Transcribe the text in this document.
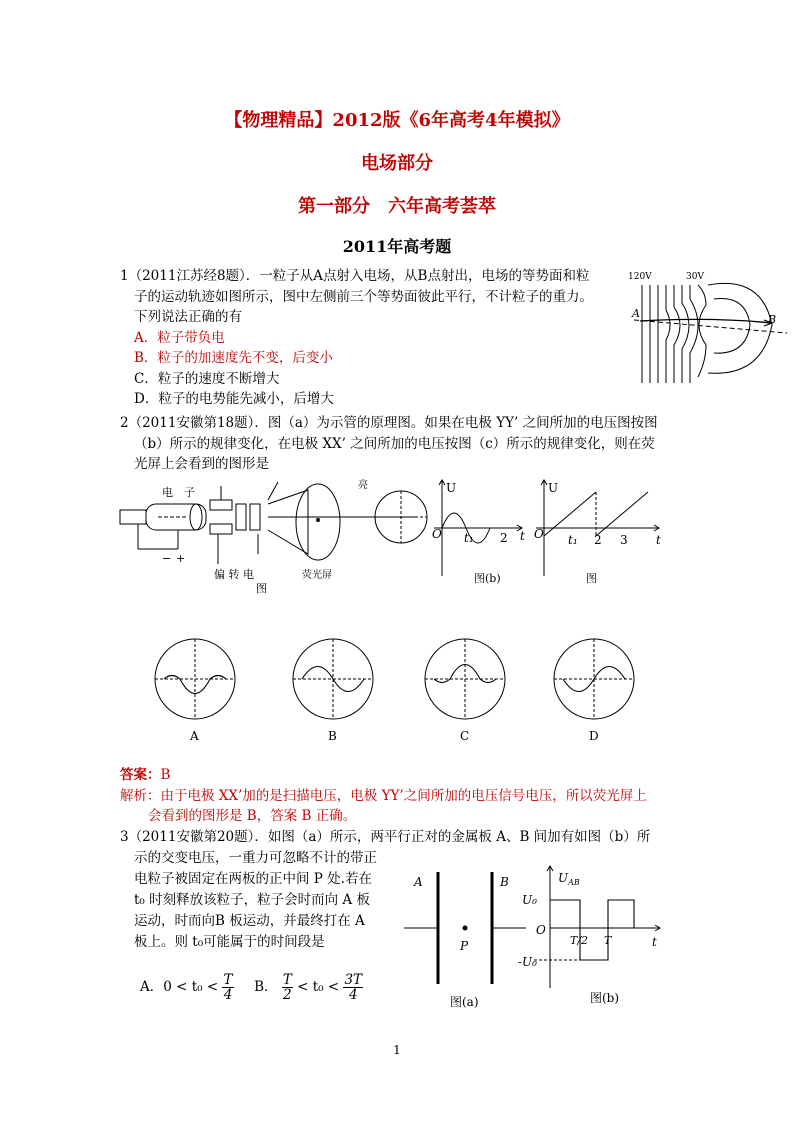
【物理精品】2012版《6年高考4年模拟》
电场部分
第一部分　六年高考荟萃
2011年高考题
1（2011江苏经8题）．一粒子从A点射入电场，从B点射出，电场的等势面和粒
子的运动轨迹如图所示，图中左侧前三个等势面彼此平行，不计粒子的重力。
下列说法正确的有
A．粒子带负电
B．粒子的加速度先不变，后变小
C．粒子的速度不断增大
D．粒子的电势能先减小，后增大
120V	30V
A	B
2（2011安徽第18题）．图（a）为示管的原理图。如果在电极 YY’ 之间所加的电压图按图
（b）所示的规律变化，在电极 XX’ 之间所加的电压按图（c）所示的规律变化，则在荧
光屏上会看到的图形是
电　子
亮
偏 转 电	荧光屏
图
− +
U
O t₁ 2 t
图(b)
U
O t₁ 2 3 t
图
A	B	C	D
答案：B
解析：由于电极 XX’加的是扫描电压，电极 YY’之间所加的电压信号电压，所以荧光屏上
会看到的图形是 B，答案 B 正确。
3（2011安徽第20题）．如图（a）所示，两平行正对的金属板 A、B 间加有如图（b）所
示的交变电压，一重力可忽略不计的带正
电粒子被固定在两板的正中间 P 处.若在
t₀ 时刻释放该粒子，粒子会时而向 A 板
运动，时而向B 板运动，并最终打在 A
板上。则 t₀可能属于的时间段是
A．$0 < t_0 < \frac{T}{4}$ B． $\frac{T}{2} < t_0 < \frac{3T}{4}$
A	B
P
图(a)
$U_{AB}$
U₀
O
-U₀
T/2 T	t
图(b)
1
